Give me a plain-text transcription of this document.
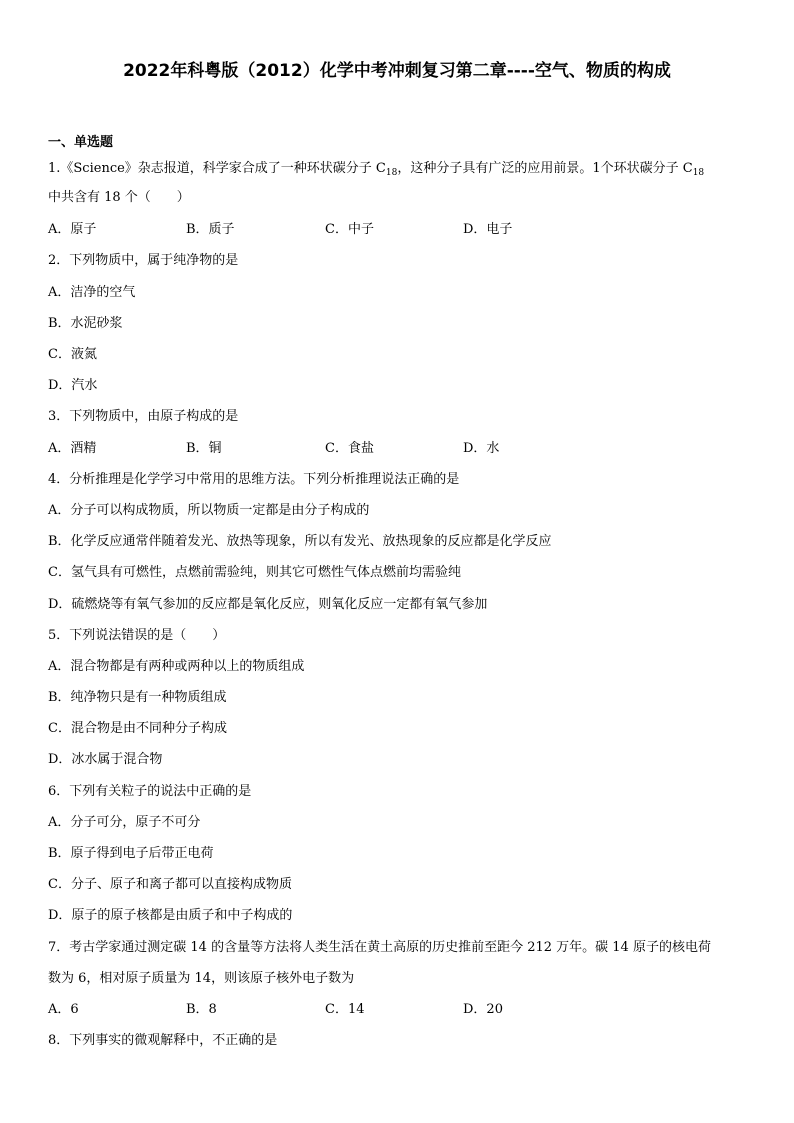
2022年科粤版（2012）化学中考冲刺复习第二章----空气、物质的构成
一、单选题
1.《Science》杂志报道，科学家合成了一种环状碳分子 $C_{18}$，这种分子具有广泛的应用前景。1个环状碳分子 $C_{18}$
中共含有 18 个（　　）
A．原子	B．质子	C．中子	D．电子
2．下列物质中，属于纯净物的是
A．洁净的空气
B．水泥砂浆
C．液氮
D．汽水
3．下列物质中，由原子构成的是
A．酒精	B．铜	C．食盐	D．水
4．分析推理是化学学习中常用的思维方法。下列分析推理说法正确的是
A．分子可以构成物质，所以物质一定都是由分子构成的
B．化学反应通常伴随着发光、放热等现象，所以有发光、放热现象的反应都是化学反应
C．氢气具有可燃性，点燃前需验纯，则其它可燃性气体点燃前均需验纯
D．硫燃烧等有氧气参加的反应都是氧化反应，则氧化反应一定都有氧气参加
5．下列说法错误的是（　　）
A．混合物都是有两种或两种以上的物质组成
B．纯净物只是有一种物质组成
C．混合物是由不同种分子构成
D．冰水属于混合物
6．下列有关粒子的说法中正确的是
A．分子可分，原子不可分
B．原子得到电子后带正电荷
C．分子、原子和离子都可以直接构成物质
D．原子的原子核都是由质子和中子构成的
7．考古学家通过测定碳 14 的含量等方法将人类生活在黄土高原的历史推前至距今 212 万年。碳 14 原子的核电荷
数为 6，相对原子质量为 14，则该原子核外电子数为
A．6	B．8	C．14	D．20
8．下列事实的微观解释中，不正确的是
